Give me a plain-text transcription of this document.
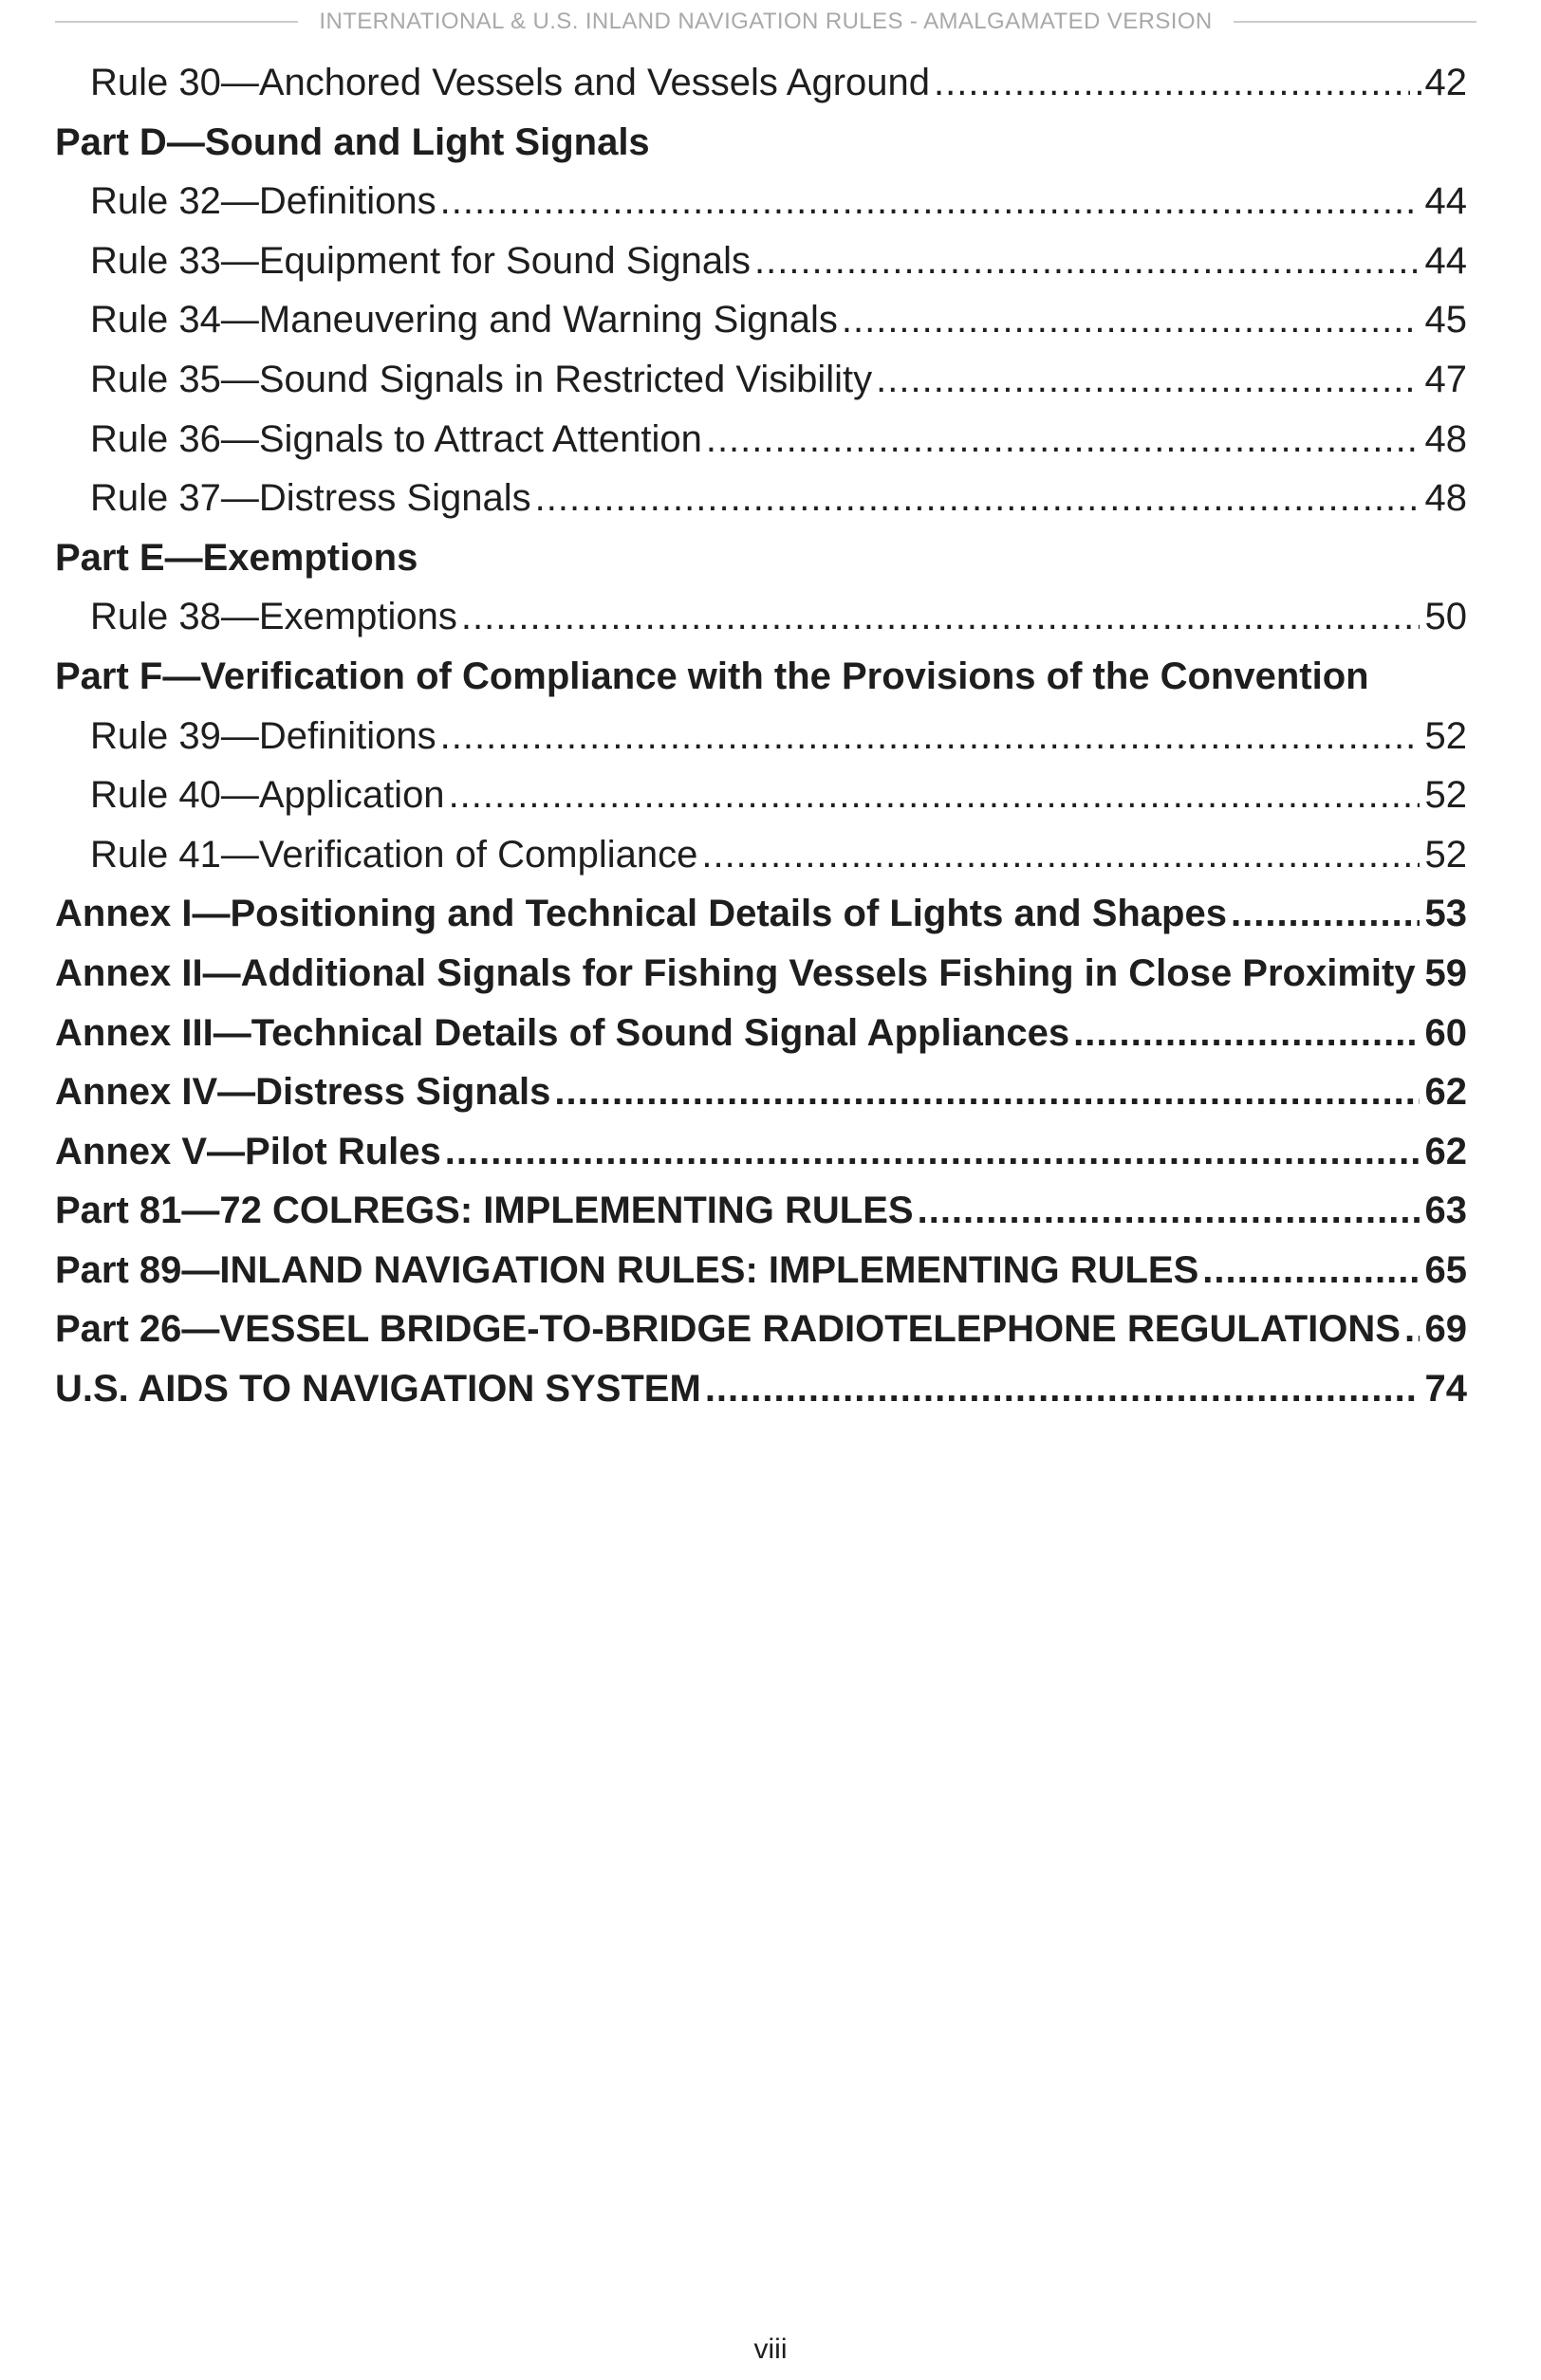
INTERNATIONAL & U.S. INLAND NAVIGATION RULES - AMALGAMATED VERSION
Rule 30—Anchored Vessels and Vessels Aground .....	.42
Part D—Sound and Light Signals
Rule 32—Definitions .....	44
Rule 33—Equipment for Sound Signals .....	44
Rule 34—Maneuvering and Warning Signals .....	45
Rule 35—Sound Signals in Restricted Visibility .....	47
Rule 36—Signals to Attract Attention .....	48
Rule 37—Distress Signals .....	48
Part E—Exemptions
Rule 38—Exemptions .....	50
Part F—Verification of Compliance with the Provisions of the Convention
Rule 39—Definitions .....	52
Rule 40—Application .....	52
Rule 41—Verification of Compliance .....	52
Annex I—Positioning and Technical Details of Lights and Shapes .....	53
Annex II—Additional Signals for Fishing Vessels Fishing in Close Proximity ..... 59
Annex III—Technical Details of Sound Signal Appliances .....	60
Annex IV—Distress Signals .....	62
Annex V—Pilot Rules .....	62
Part 81—72 COLREGS: IMPLEMENTING RULES .....	63
Part 89—INLAND NAVIGATION RULES: IMPLEMENTING RULES .....	65
Part 26—VESSEL BRIDGE-TO-BRIDGE RADIOTELEPHONE REGULATIONS ..... 69
U.S. AIDS TO NAVIGATION SYSTEM .....	74
viii
